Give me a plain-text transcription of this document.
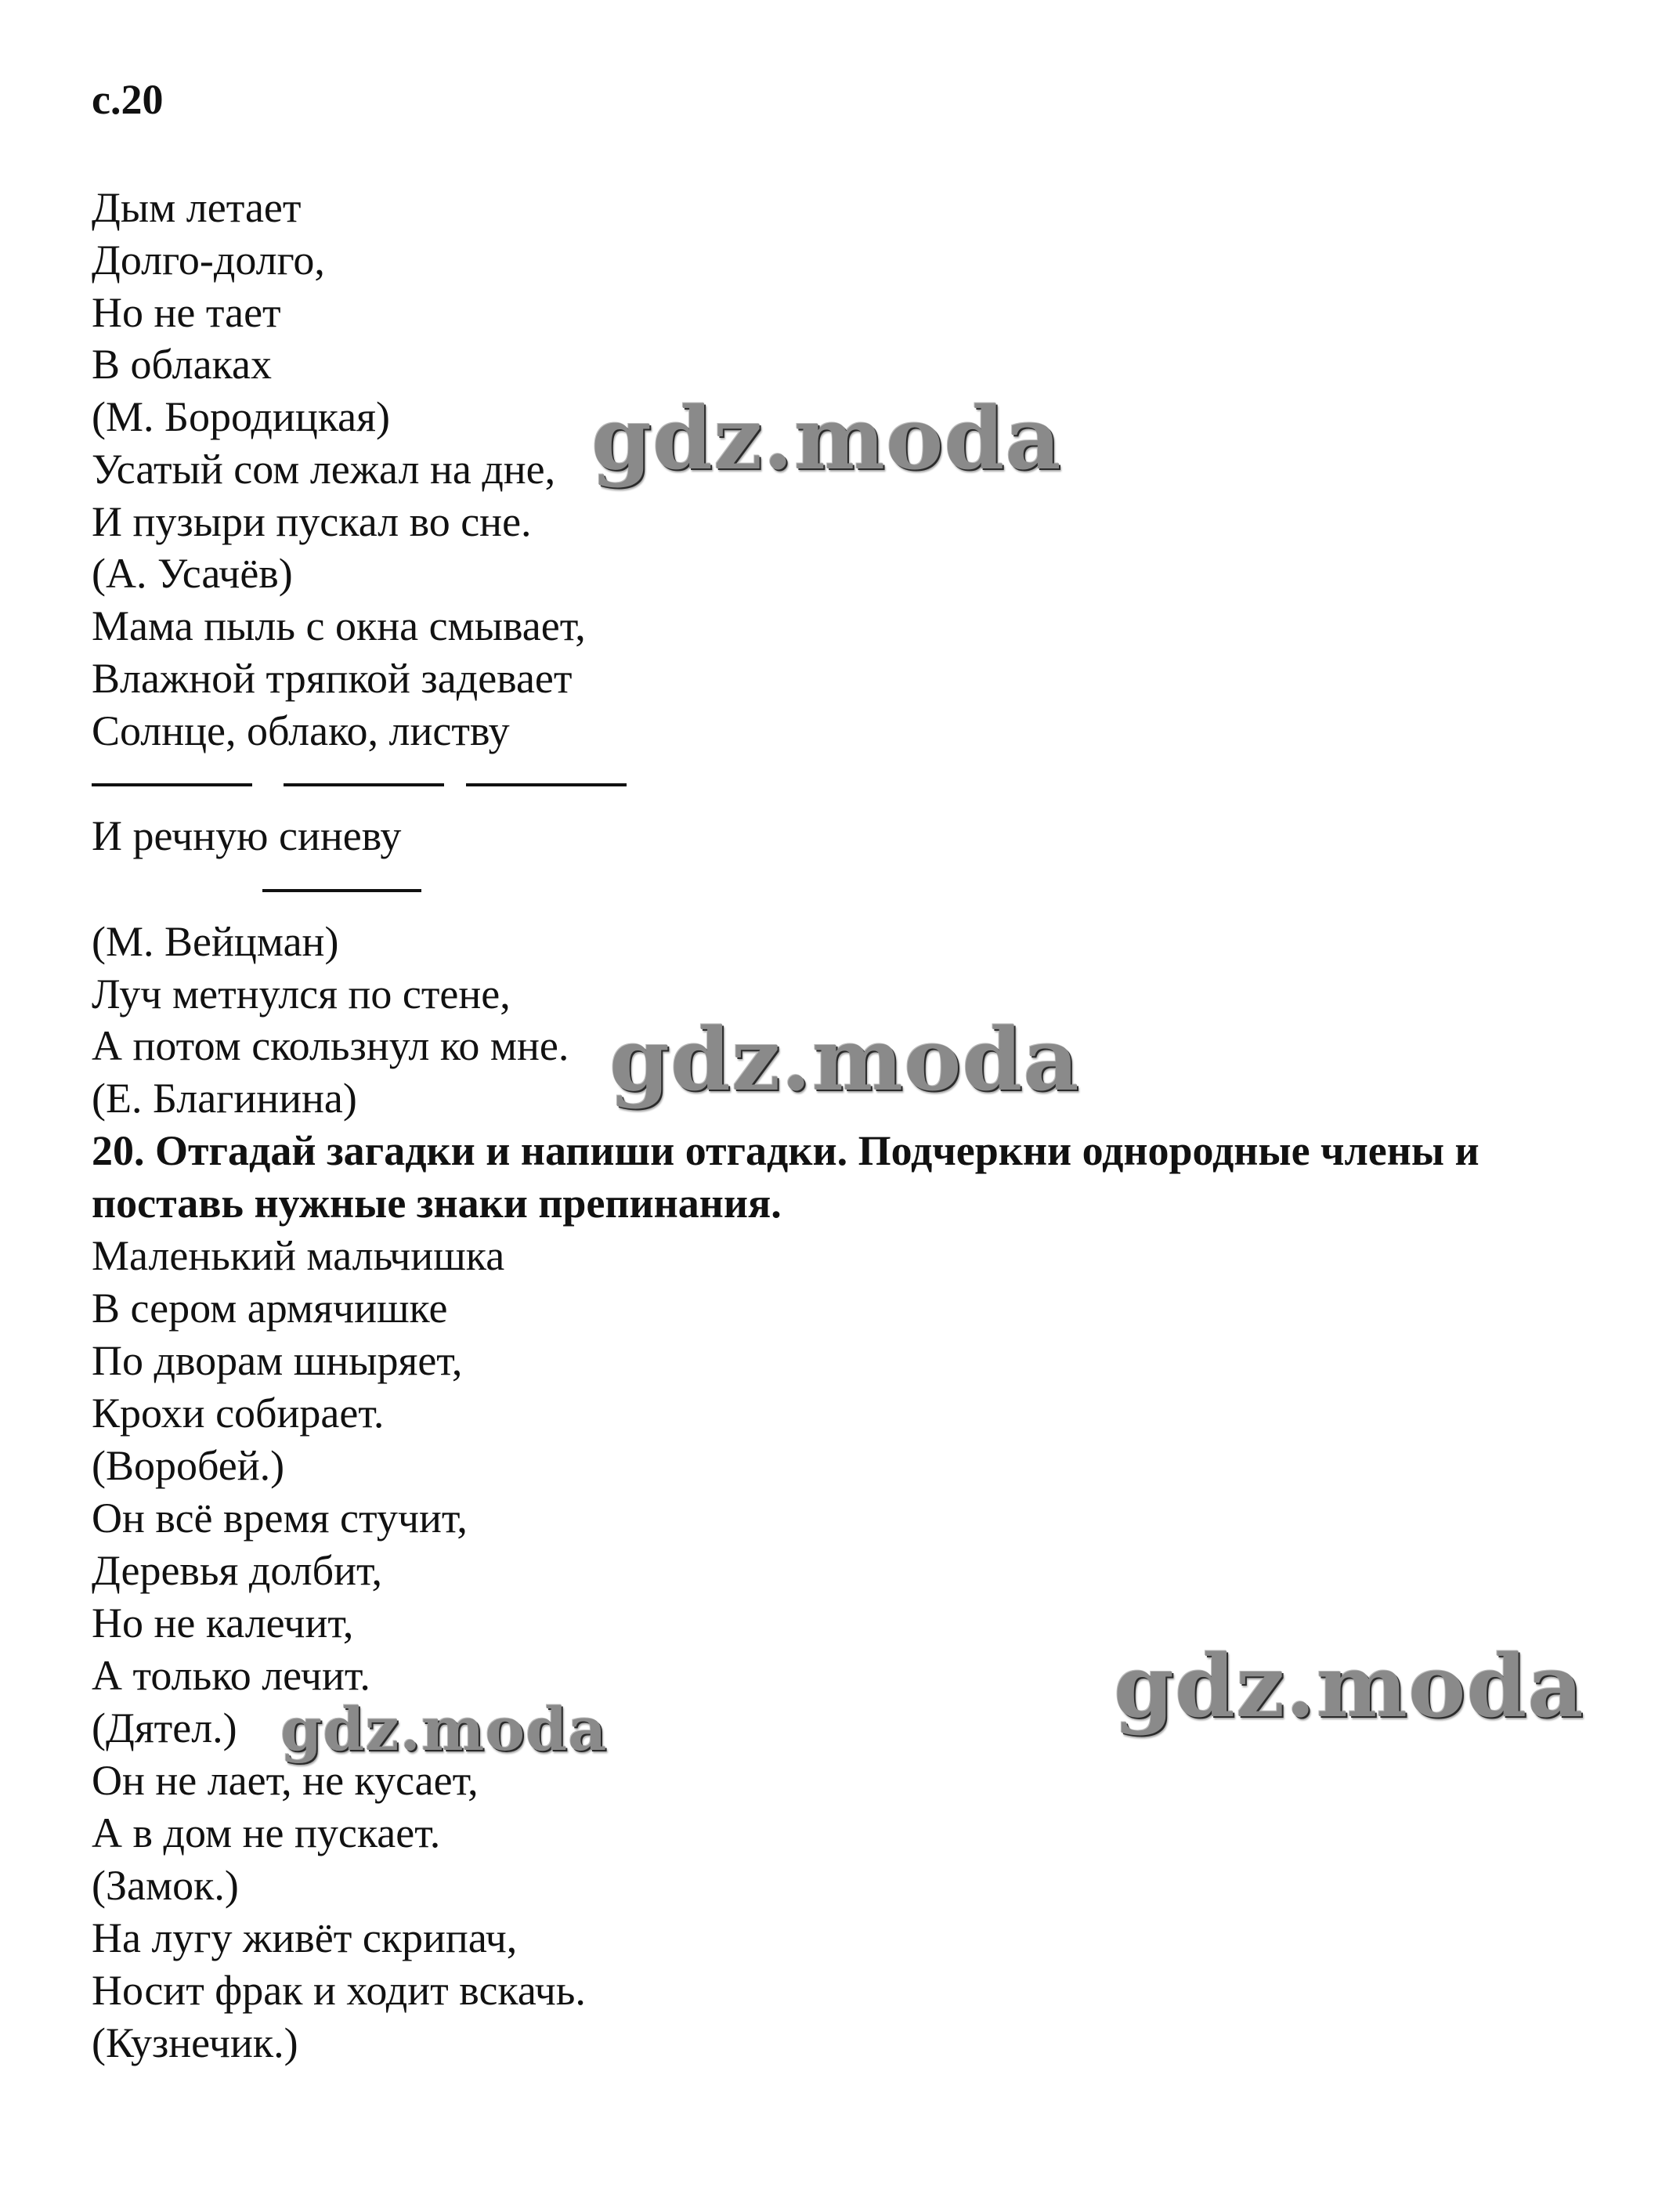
с.20
Дым летает
Долго-долго,
Но не тает
В облаках
(М. Бородицкая)
Усатый сом лежал на дне,
И пузыри пускал во сне.
(А. Усачёв)
Мама пыль с окна смывает,
Влажной тряпкой задевает
Солнце, облако, листву
И речную синеву
(М. Вейцман)
Луч метнулся по стене,
А потом скользнул ко мне.
(Е. Благинина)
20. Отгадай загадки и напиши отгадки. Подчеркни однородные члены и
поставь нужные знаки препинания.
Маленький мальчишка
В сером армячишке
По дворам шныряет,
Крохи собирает.
(Воробей.)
Он всё время стучит,
Деревья долбит,
Но не калечит,
А только лечит.
(Дятел.)
Он не лает, не кусает,
А в дом не пускает.
(Замок.)
На лугу живёт скрипач,
Носит фрак и ходит вскачь.
(Кузнечик.)
gdz.moda
gdz.moda
gdz.moda
gdz.moda
